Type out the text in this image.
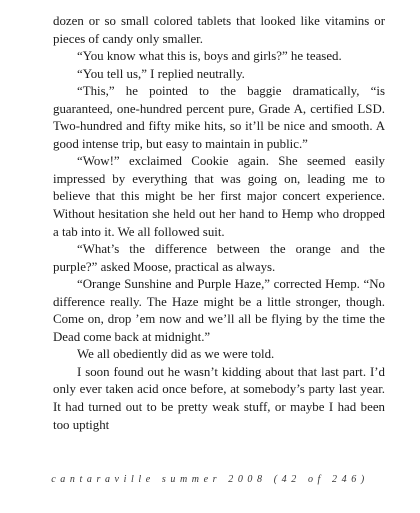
dozen or so small colored tablets that looked like vitamins or pieces of candy only smaller.

“You know what this is, boys and girls?” he teased.

“You tell us,” I replied neutrally.

“This,” he pointed to the baggie dramatically, “is guaranteed, one-hundred percent pure, Grade A, certified LSD. Two-hundred and fifty mike hits, so it’ll be nice and smooth. A good intense trip, but easy to maintain in public.”

“Wow!” exclaimed Cookie again. She seemed easily impressed by everything that was going on, leading me to believe that this might be her first major concert experience. Without hesitation she held out her hand to Hemp who dropped a tab into it. We all followed suit.

“What’s the difference between the orange and the purple?” asked Moose, practical as always.

“Orange Sunshine and Purple Haze,” corrected Hemp. “No difference really. The Haze might be a little stronger, though. Come on, drop ’em now and we’ll all be flying by the time the Dead come back at midnight.”

We all obediently did as we were told.

I soon found out he wasn’t kidding about that last part. I’d only ever taken acid once before, at somebody’s party last year. It had turned out to be pretty weak stuff, or maybe I had been too uptight

cantaraville summer 2008 (42 of 246)
